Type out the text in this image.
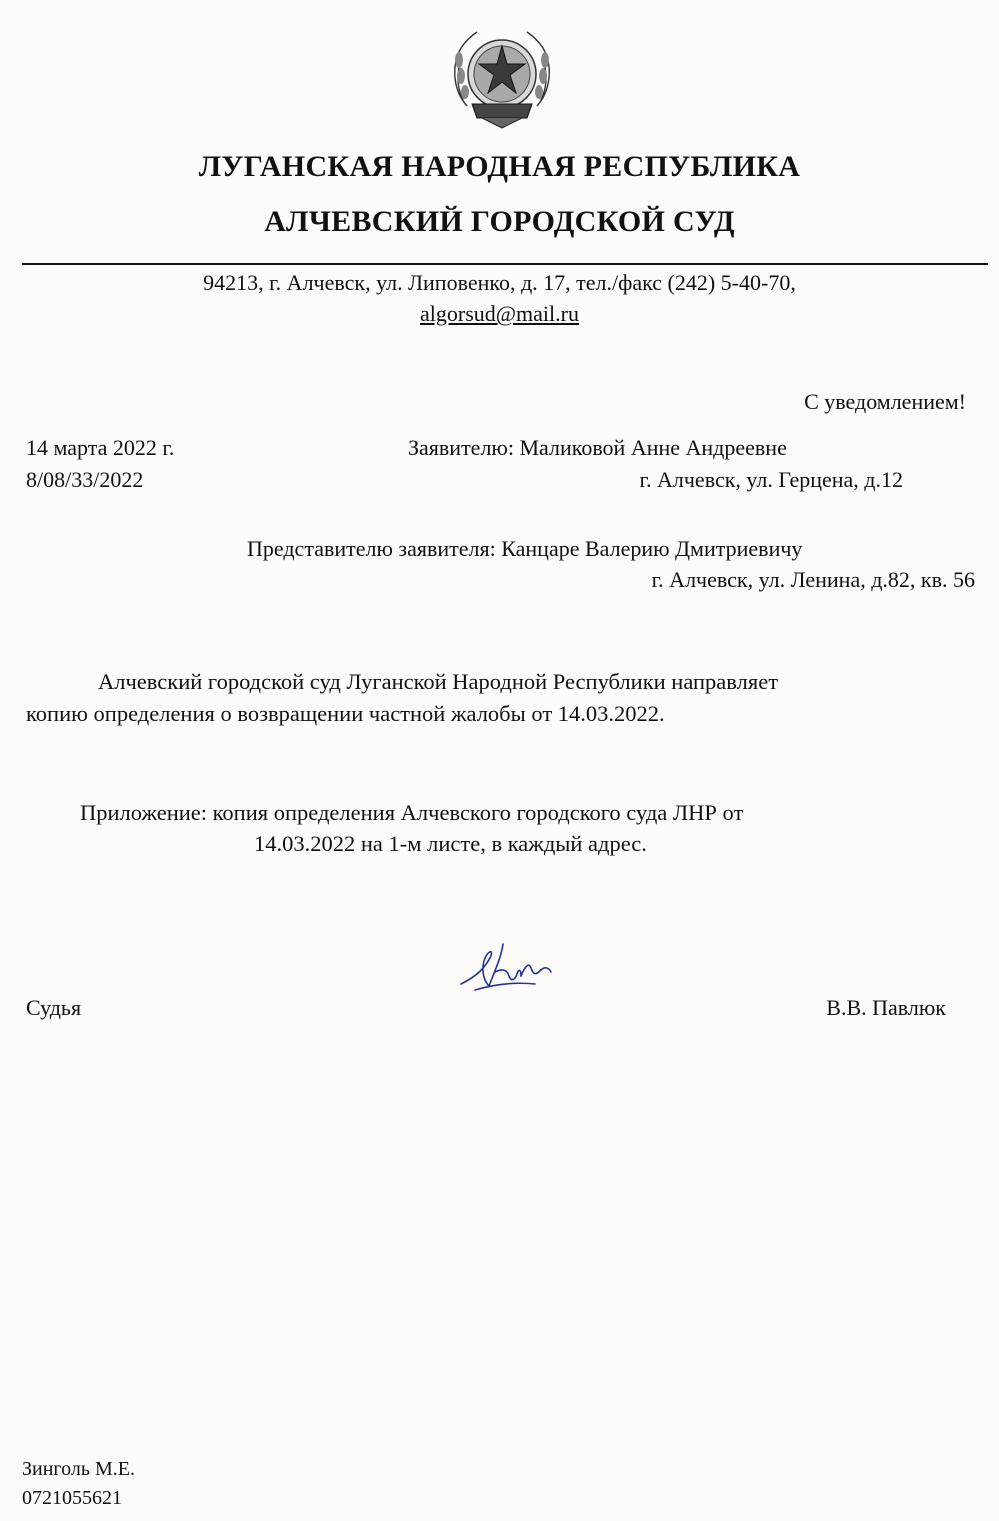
ЛУГАНСКАЯ НАРОДНАЯ РЕСПУБЛИКА
АЛЧЕВСКИЙ ГОРОДСКОЙ СУД
94213, г. Алчевск, ул. Липовенко, д. 17, тел./факс (242) 5-40-70,
algorsud@mail.ru
С уведомлением!
14 марта 2022 г.
8/08/33/2022
Заявителю: Маликовой Анне Андреевне
г. Алчевск, ул. Герцена, д.12
Представителю заявителя: Канцаре Валерию Дмитриевичу
г. Алчевск, ул. Ленина, д.82, кв. 56
Алчевский городской суд Луганской Народной Республики направляет
копию определения о возвращении частной жалобы от 14.03.2022.
Приложение: копия определения Алчевского городского суда ЛНР от
14.03.2022 на 1-м листе, в каждый адрес.
Судья	В.В. Павлюк
Зинголь М.Е.
0721055621
